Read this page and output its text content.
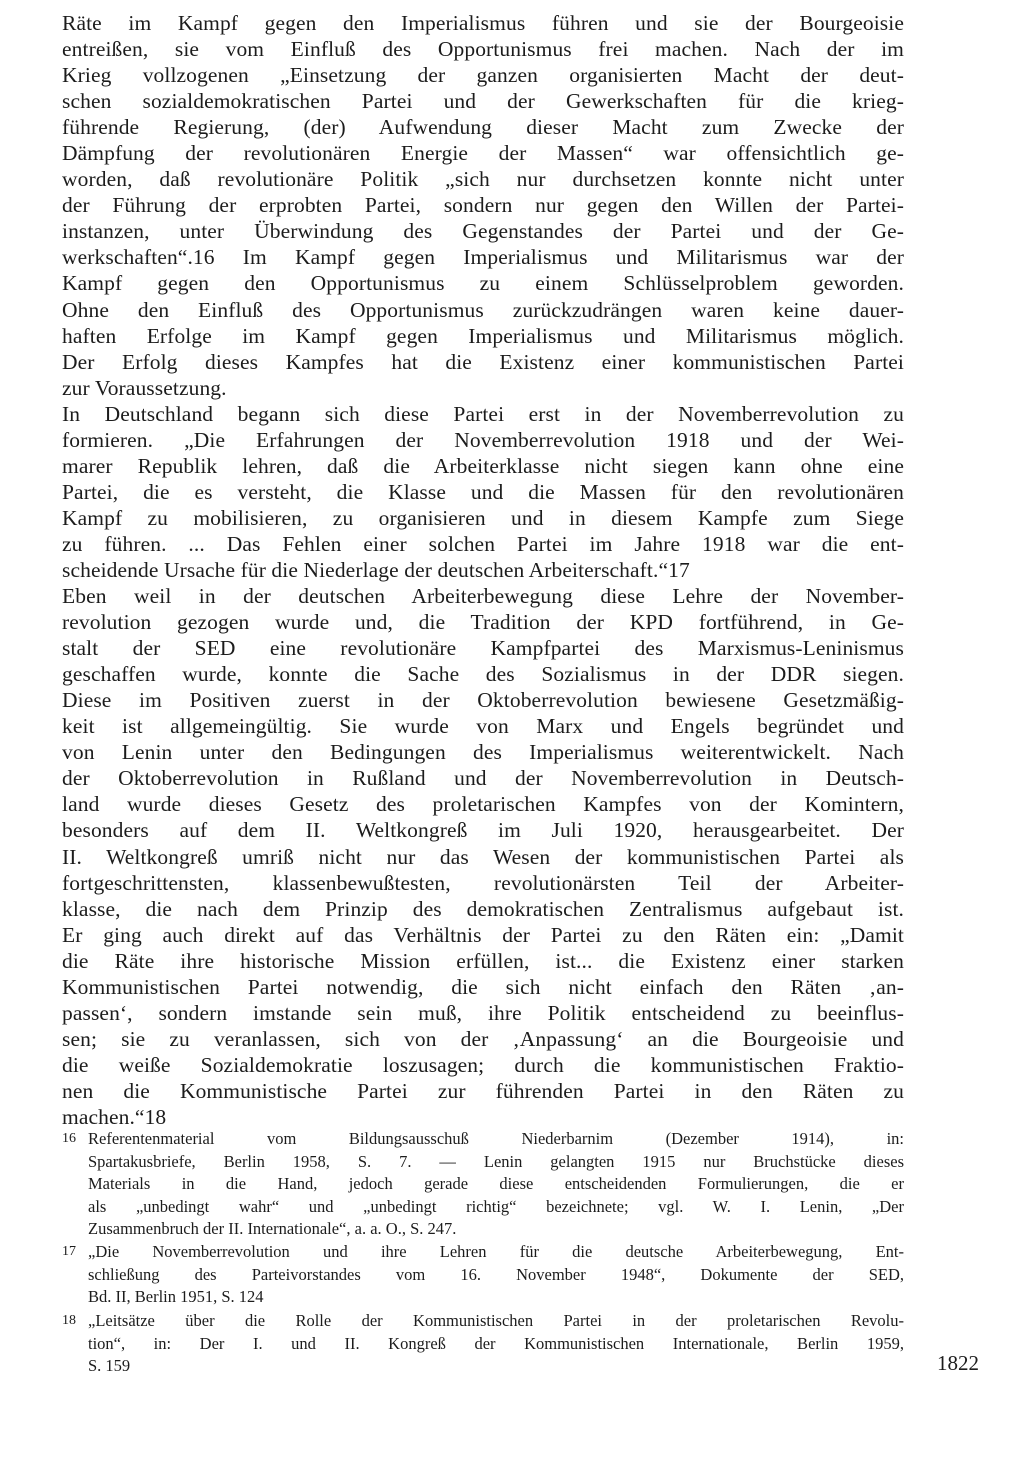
Räte im Kampf gegen den Imperialismus führen und sie der Bourgeoisie
entreißen, sie vom Einfluß des Opportunismus frei machen. Nach der im
Krieg vollzogenen „Einsetzung der ganzen organisierten Macht der deut-
schen sozialdemokratischen Partei und der Gewerkschaften für die krieg-
führende Regierung, (der) Aufwendung dieser Macht zum Zwecke der
Dämpfung der revolutionären Energie der Massen“ war offensichtlich ge-
worden, daß revolutionäre Politik „sich nur durchsetzen konnte nicht unter
der Führung der erprobten Partei, sondern nur gegen den Willen der Partei-
instanzen, unter Überwindung des Gegenstandes der Partei und der Ge-
werkschaften“.16 Im Kampf gegen Imperialismus und Militarismus war der
Kampf gegen den Opportunismus zu einem Schlüsselproblem geworden.
Ohne den Einfluß des Opportunismus zurückzudrängen waren keine dauer-
haften Erfolge im Kampf gegen Imperialismus und Militarismus möglich.
Der Erfolg dieses Kampfes hat die Existenz einer kommunistischen Partei
zur Voraussetzung.
In Deutschland begann sich diese Partei erst in der Novemberrevolution zu
formieren. „Die Erfahrungen der Novemberrevolution 1918 und der Wei-
marer Republik lehren, daß die Arbeiterklasse nicht siegen kann ohne eine
Partei, die es versteht, die Klasse und die Massen für den revolutionären
Kampf zu mobilisieren, zu organisieren und in diesem Kampfe zum Siege
zu führen. ... Das Fehlen einer solchen Partei im Jahre 1918 war die ent-
scheidende Ursache für die Niederlage der deutschen Arbeiterschaft.“17
Eben weil in der deutschen Arbeiterbewegung diese Lehre der November-
revolution gezogen wurde und, die Tradition der KPD fortführend, in Ge-
stalt der SED eine revolutionäre Kampfpartei des Marxismus-Leninismus
geschaffen wurde, konnte die Sache des Sozialismus in der DDR siegen.
Diese im Positiven zuerst in der Oktoberrevolution bewiesene Gesetzmäßig-
keit ist allgemeingültig. Sie wurde von Marx und Engels begründet und
von Lenin unter den Bedingungen des Imperialismus weiterentwickelt. Nach
der Oktoberrevolution in Rußland und der Novemberrevolution in Deutsch-
land wurde dieses Gesetz des proletarischen Kampfes von der Komintern,
besonders auf dem II. Weltkongreß im Juli 1920, herausgearbeitet. Der
II. Weltkongreß umriß nicht nur das Wesen der kommunistischen Partei als
fortgeschrittensten, klassenbewußtesten, revolutionärsten Teil der Arbeiter-
klasse, die nach dem Prinzip des demokratischen Zentralismus aufgebaut ist.
Er ging auch direkt auf das Verhältnis der Partei zu den Räten ein: „Damit
die Räte ihre historische Mission erfüllen, ist... die Existenz einer starken
Kommunistischen Partei notwendig, die sich nicht einfach den Räten ‚an-
passen‘, sondern imstande sein muß, ihre Politik entscheidend zu beeinflus-
sen; sie zu veranlassen, sich von der ‚Anpassung‘ an die Bourgeoisie und
die weiße Sozialdemokratie loszusagen; durch die kommunistischen Fraktio-
nen die Kommunistische Partei zur führenden Partei in den Räten zu
machen.“18
16 Referentenmaterial vom Bildungsausschuß Niederbarnim (Dezember 1914), in:
Spartakusbriefe, Berlin 1958, S. 7. — Lenin gelangten 1915 nur Bruchstücke dieses
Materials in die Hand, jedoch gerade diese entscheidenden Formulierungen, die er
als „unbedingt wahr“ und „unbedingt richtig“ bezeichnete; vgl. W. I. Lenin, „Der
Zusammenbruch der II. Internationale“, a. a. O., S. 247.
17 „Die Novemberrevolution und ihre Lehren für die deutsche Arbeiterbewegung, Ent-
schließung des Parteivorstandes vom 16. November 1948“, Dokumente der SED,
Bd. II, Berlin 1951, S. 124
18 „Leitsätze über die Rolle der Kommunistischen Partei in der proletarischen Revolu-
tion“, in: Der I. und II. Kongreß der Kommunistischen Internationale, Berlin 1959,
S. 159	1822
